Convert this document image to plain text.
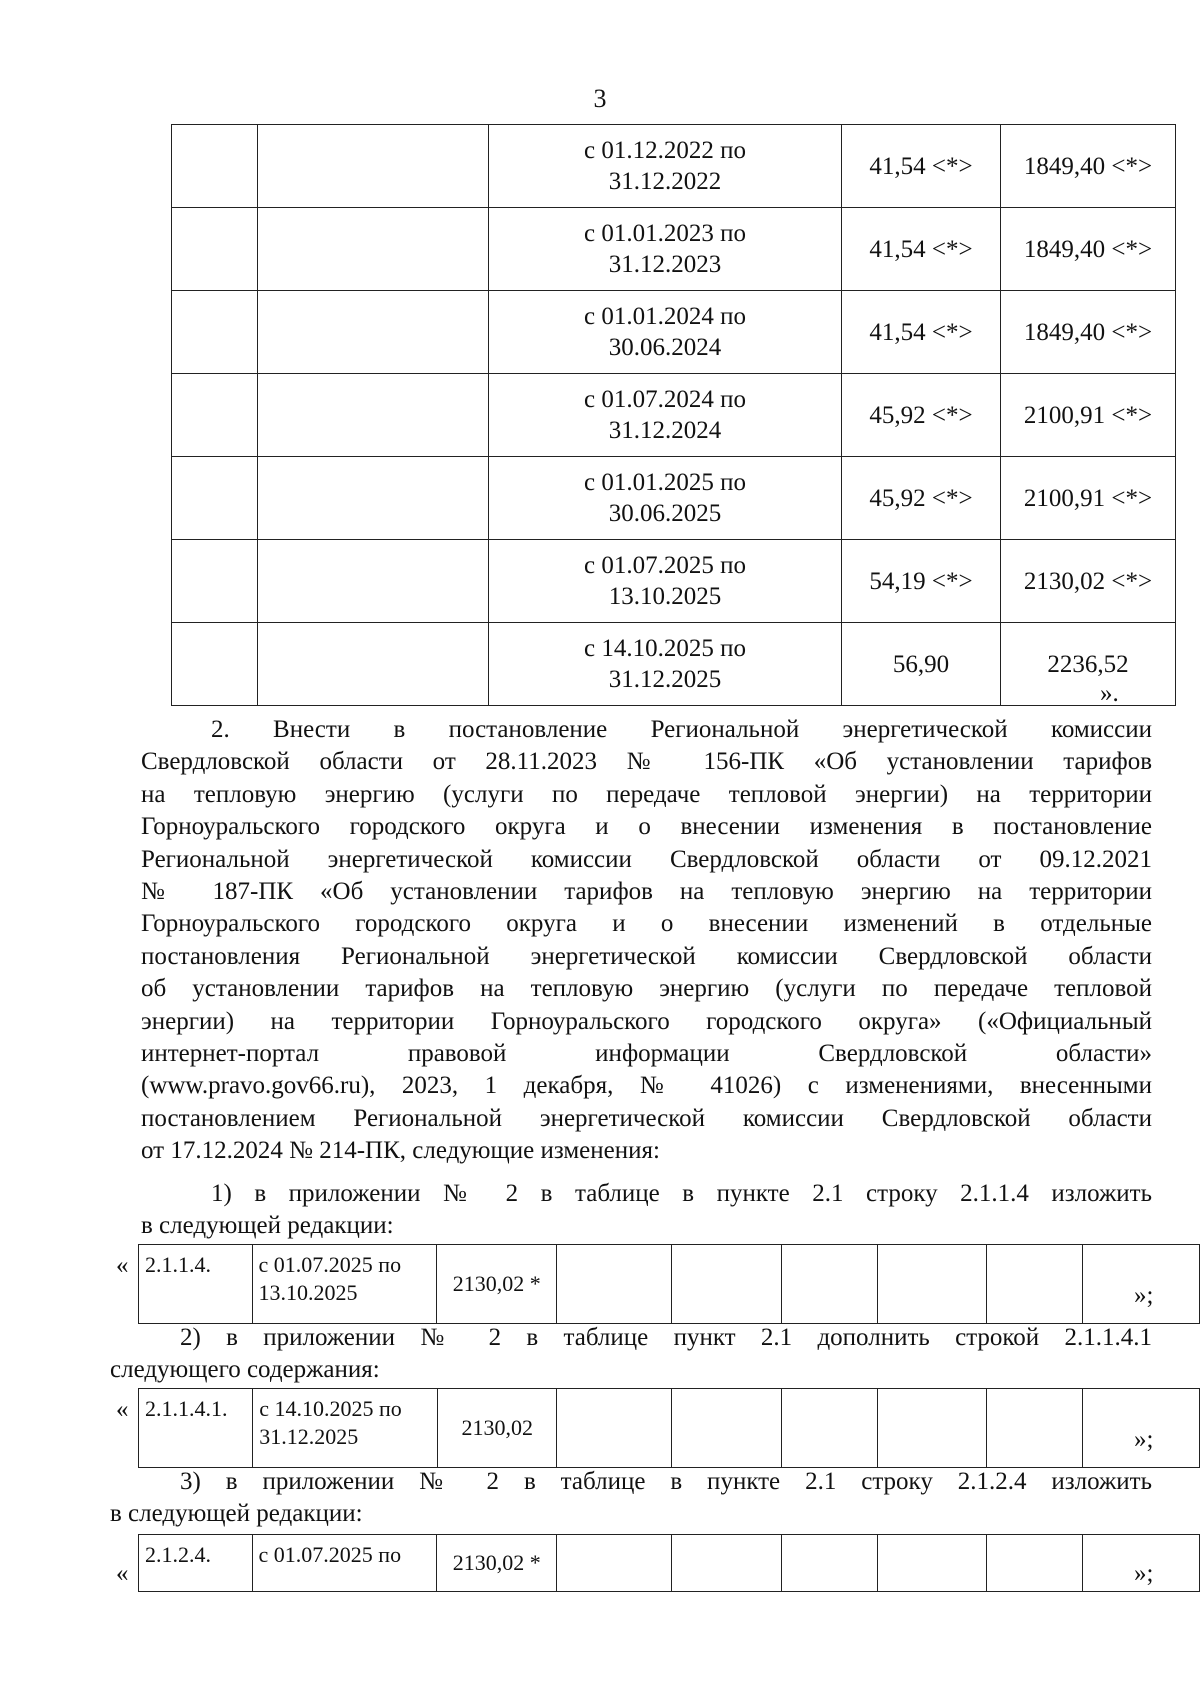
3
		с 01.12.2022 по 31.12.2022	41,54 <*>	1849,40 <*>
		с 01.01.2023 по 31.12.2023	41,54 <*>	1849,40 <*>
		с 01.01.2024 по 30.06.2024	41,54 <*>	1849,40 <*>
		с 01.07.2024 по 31.12.2024	45,92 <*>	2100,91 <*>
		с 01.01.2025 по 30.06.2025	45,92 <*>	2100,91 <*>
		с 01.07.2025 по 13.10.2025	54,19 <*>	2130,02 <*>
		с 14.10.2025 по 31.12.2025	56,90	2236,52
».
2. Внести в постановление Региональной энергетической комиссии
Свердловской области от 28.11.2023 № 156-ПК «Об установлении тарифов
на тепловую энергию (услуги по передаче тепловой энергии) на территории
Горноуральского городского округа и о внесении изменения в постановление
Региональной энергетической комиссии Свердловской области от 09.12.2021
№ 187-ПК «Об установлении тарифов на тепловую энергию на территории
Горноуральского городского округа и о внесении изменений в отдельные
постановления Региональной энергетической комиссии Свердловской области
об установлении тарифов на тепловую энергию (услуги по передаче тепловой
энергии) на территории Горноуральского городского округа» («Официальный
интернет-портал правовой информации Свердловской области»
(www.pravo.gov66.ru), 2023, 1 декабря, № 41026) с изменениями, внесенными
постановлением Региональной энергетической комиссии Свердловской области
от 17.12.2024 № 214-ПК, следующие изменения:
1) в приложении № 2 в таблице в пункте 2.1 строку 2.1.1.4 изложить
в следующей редакции:
« 2.1.1.4.	с 01.07.2025 по 13.10.2025	2130,02 *							»;
2) в приложении № 2 в таблице пункт 2.1 дополнить строкой 2.1.1.4.1
следующего содержания:
« 2.1.1.4.1.	с 14.10.2025 по 31.12.2025	2130,02							»;
3) в приложении № 2 в таблице в пункте 2.1 строку 2.1.2.4 изложить
в следующей редакции:
«
2.1.2.4.	с 01.07.2025 по	2130,02 *							»;
